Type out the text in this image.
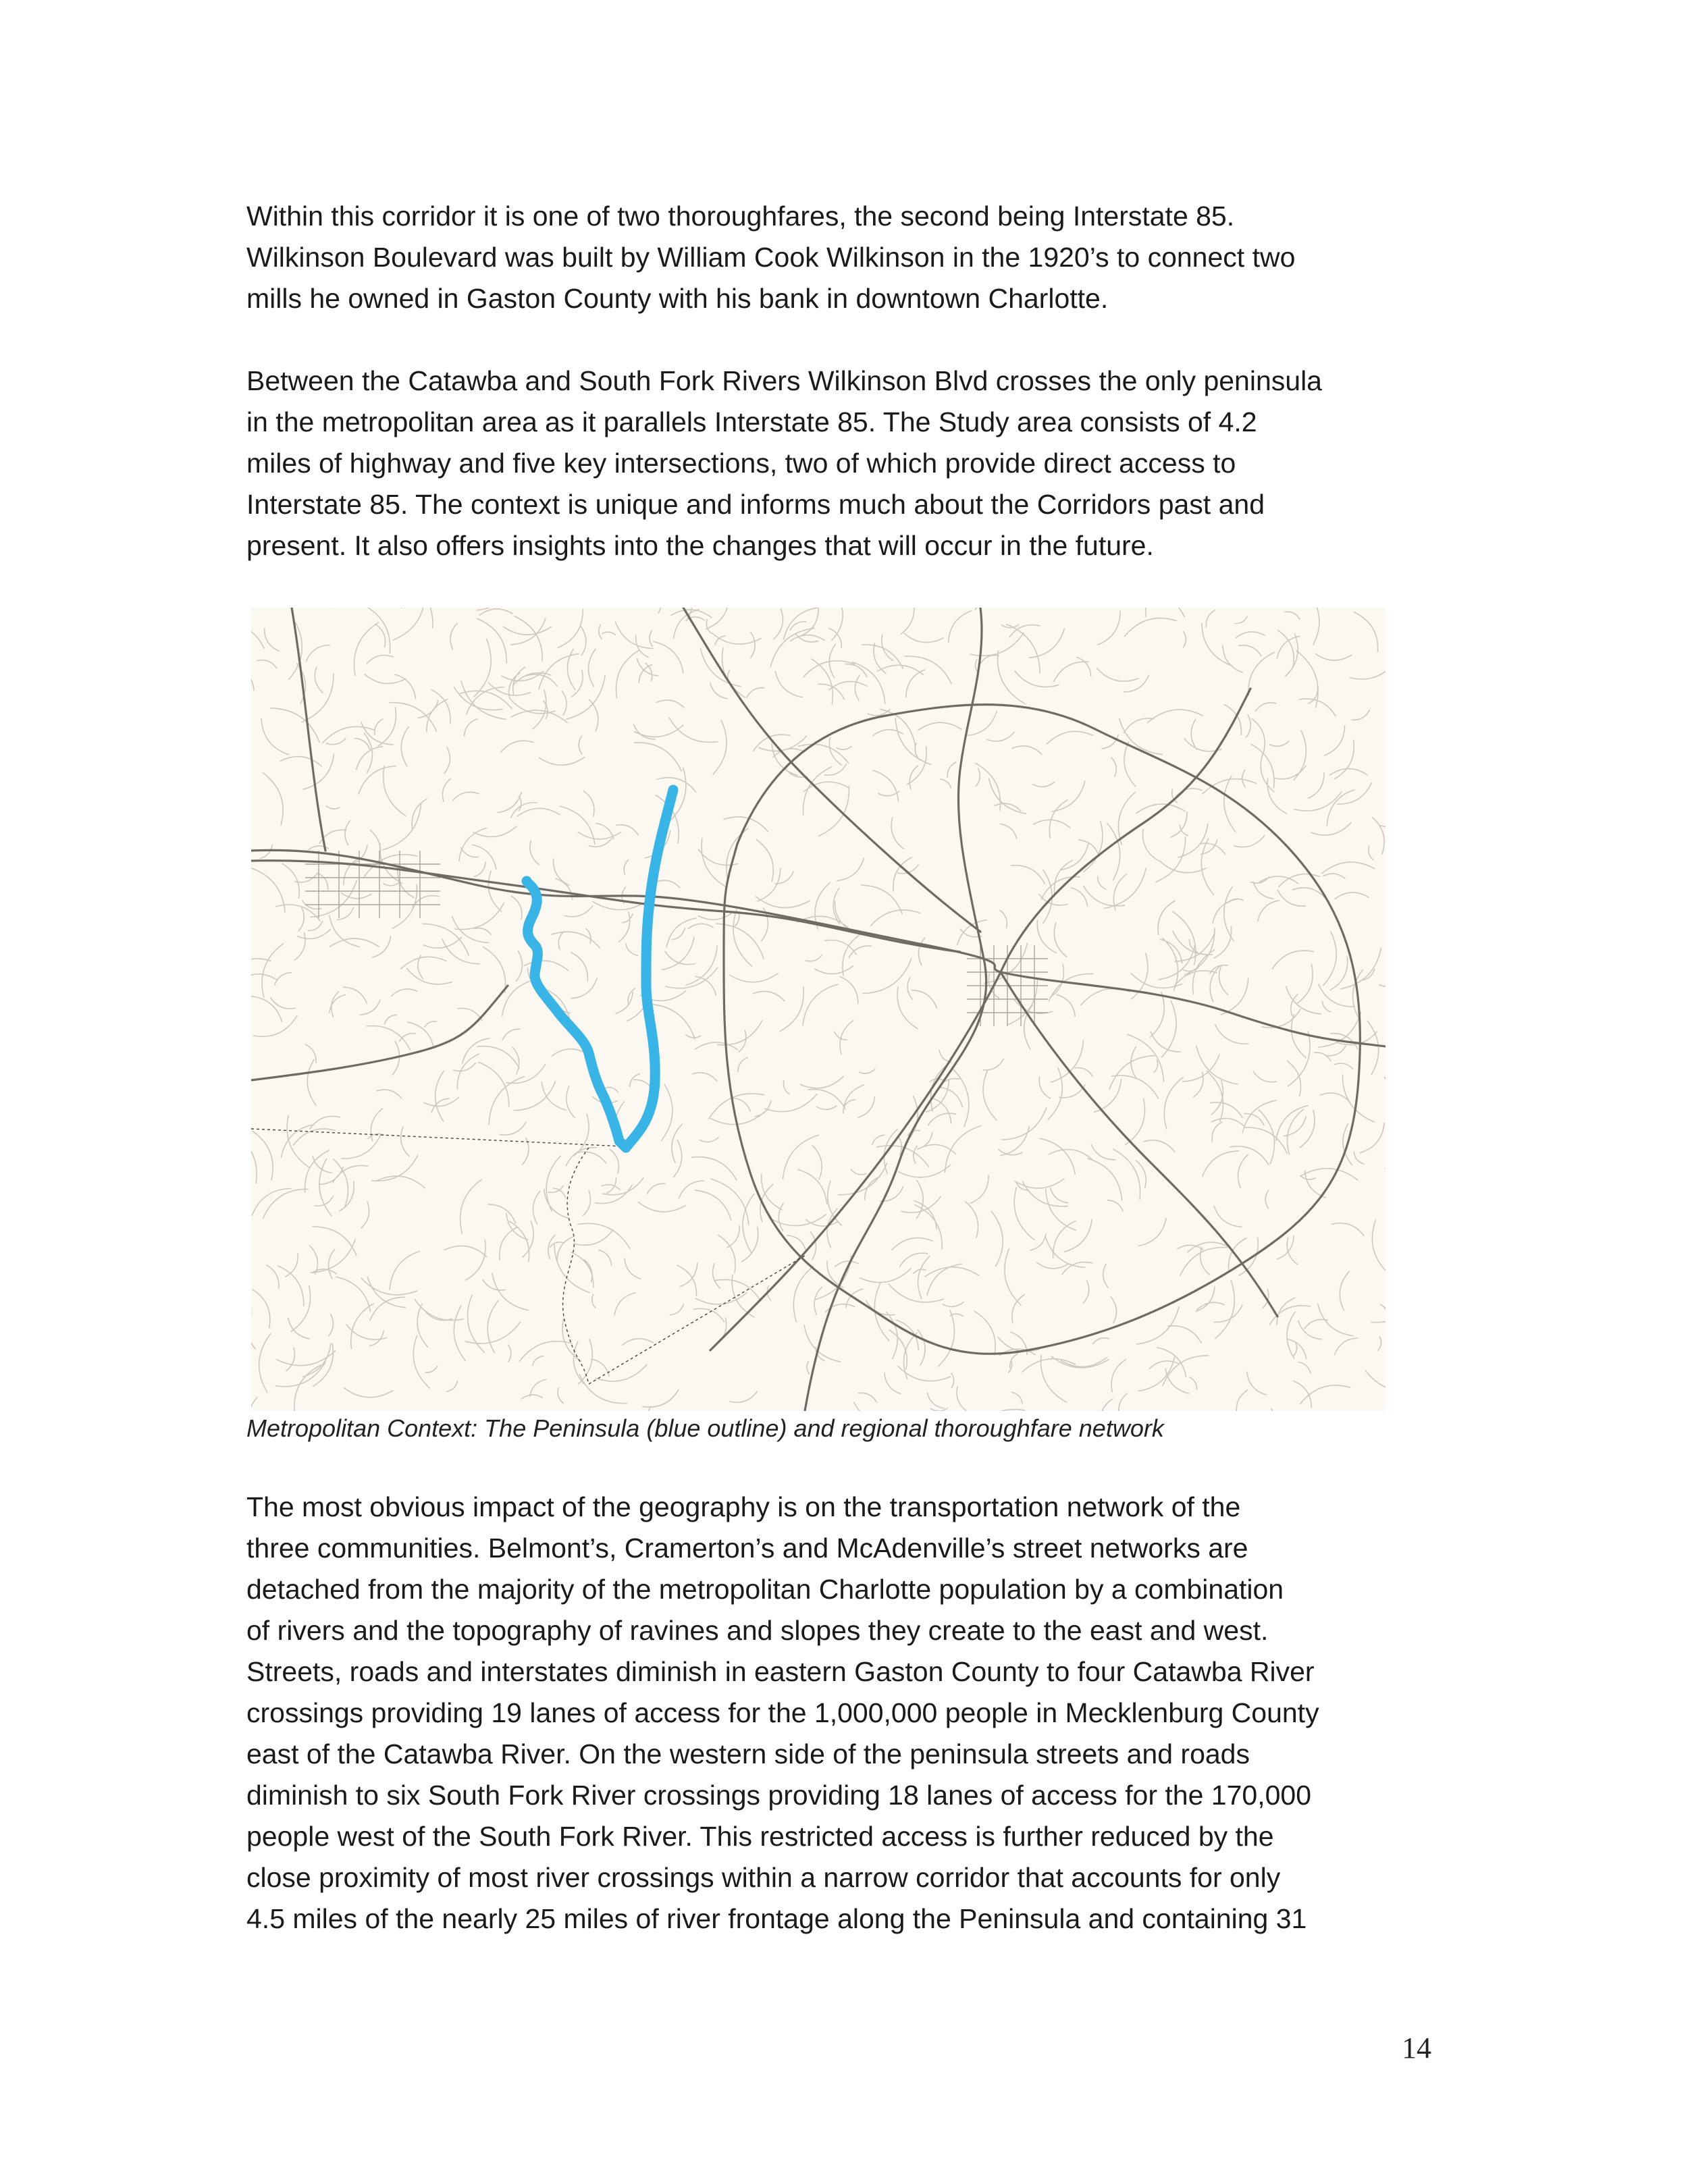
Within this corridor it is one of two thoroughfares, the second being Interstate 85.
Wilkinson Boulevard was built by William Cook Wilkinson in the 1920’s to connect two
mills he owned in Gaston County with his bank in downtown Charlotte.

Between the Catawba and South Fork Rivers Wilkinson Blvd crosses the only peninsula
in the metropolitan area as it parallels Interstate 85. The Study area consists of 4.2
miles of highway and five key intersections, two of which provide direct access to
Interstate 85. The context is unique and informs much about the Corridors past and
present. It also offers insights into the changes that will occur in the future.

Metropolitan Context: The Peninsula (blue outline) and regional thoroughfare network

The most obvious impact of the geography is on the transportation network of the
three communities. Belmont’s, Cramerton’s and McAdenville’s street networks are
detached from the majority of the metropolitan Charlotte population by a combination
of rivers and the topography of ravines and slopes they create to the east and west.
Streets, roads and interstates diminish in eastern Gaston County to four Catawba River
crossings providing 19 lanes of access for the 1,000,000 people in Mecklenburg County
east of the Catawba River. On the western side of the peninsula streets and roads
diminish to six South Fork River crossings providing 18 lanes of access for the 170,000
people west of the South Fork River. This restricted access is further reduced by the
close proximity of most river crossings within a narrow corridor that accounts for only
4.5 miles of the nearly 25 miles of river frontage along the Peninsula and containing 31

14
